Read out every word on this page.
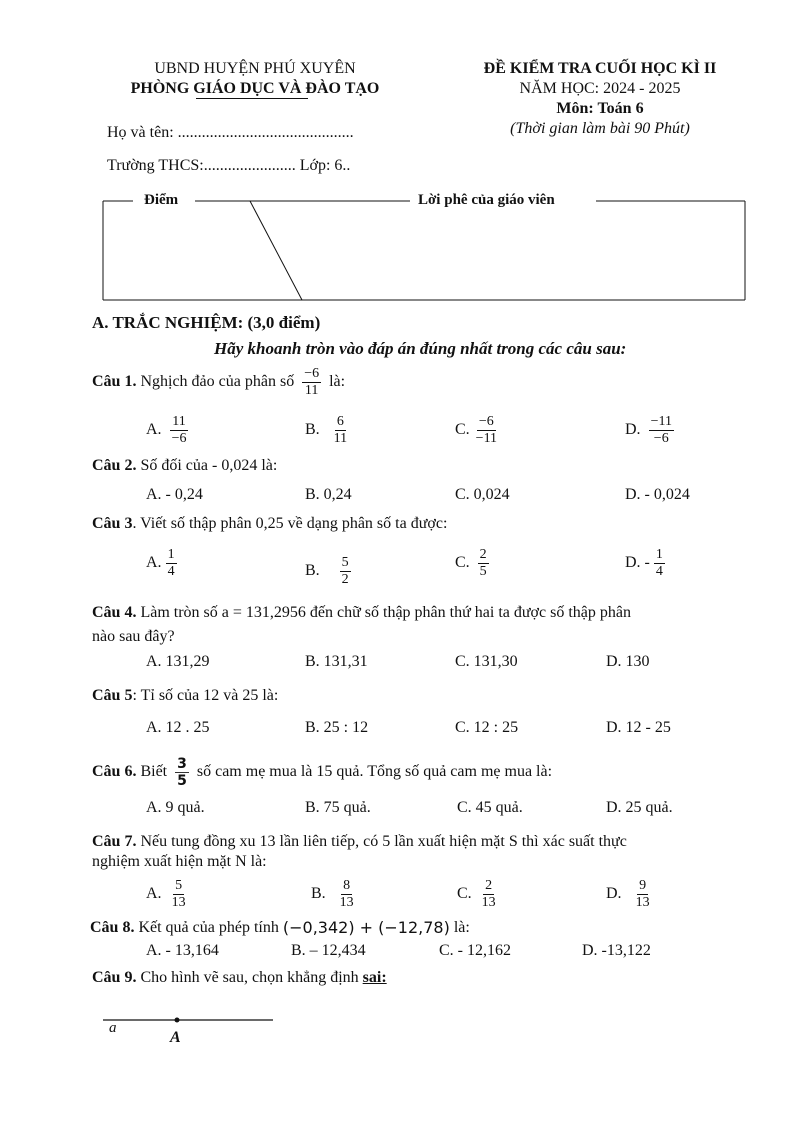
UBND HUYỆN PHÚ XUYÊN
PHÒNG GIÁO DỤC VÀ ĐÀO TẠO
ĐỀ KIỂM TRA CUỐI HỌC KÌ II
NĂM HỌC: 2024 - 2025
Môn: Toán 6
(Thời gian làm bài 90 Phút)
Họ và tên: ............................................
Trường THCS:....................... Lớp: 6..
Điểm	Lời phê của giáo viên
A. TRẮC NGHIỆM: (3,0 điểm)
Hãy khoanh tròn vào đáp án đúng nhất trong các câu sau:
Câu 1.
Nghịch đảo của phân số
$\frac{-6}{11}$
là:
A.
$\frac{11}{-6}$	B.
$\frac{6}{11}$	C.
$\frac{-6}{-11}$	D.
$\frac{-11}{-6}$
Câu 2. Số đối của - 0,024 là:
A. - 0,24	B. 0,24	C. 0,024	D. - 0,024
Câu 3. Viết số thập phân 0,25 về dạng phân số ta được:
A.
$\frac{1}{4}$	B.
$\frac{5}{2}$	C.
$\frac{2}{5}$	D. -
$\frac{1}{4}$
Câu 4. Làm tròn số a = 131,2956 đến chữ số thập phân thứ hai ta được số thập phân
nào sau đây?
A. 131,29	B. 131,31	C. 131,30	D. 130
Câu 5: Tỉ số của 12 và 25 là:
A. 12 . 25	B. 25 : 12	C. 12 : 25	D. 12 - 25
Câu 6.
Biết
$\frac{3}{5}$
số cam mẹ mua là 15 quả. Tổng số quả cam mẹ mua là:
A. 9 quả.	B. 75 quả.	C. 45 quả.	D. 25 quả.
Câu 7. Nếu tung đồng xu 13 lần liên tiếp, có 5 lần xuất hiện mặt S thì xác suất thực
nghiệm xuất hiện mặt N là:
A.
$\frac{5}{13}$	B.
$\frac{8}{13}$	C.
$\frac{2}{13}$	D.
$\frac{9}{13}$
Câu 8.
Kết quả của phép tính
(−0,342) + (−12,78)
là:
A. - 13,164	B. – 12,434	C. - 12,162	D. -13,122
Câu 9. Cho hình vẽ sau, chọn khẳng định sai:
a
A
